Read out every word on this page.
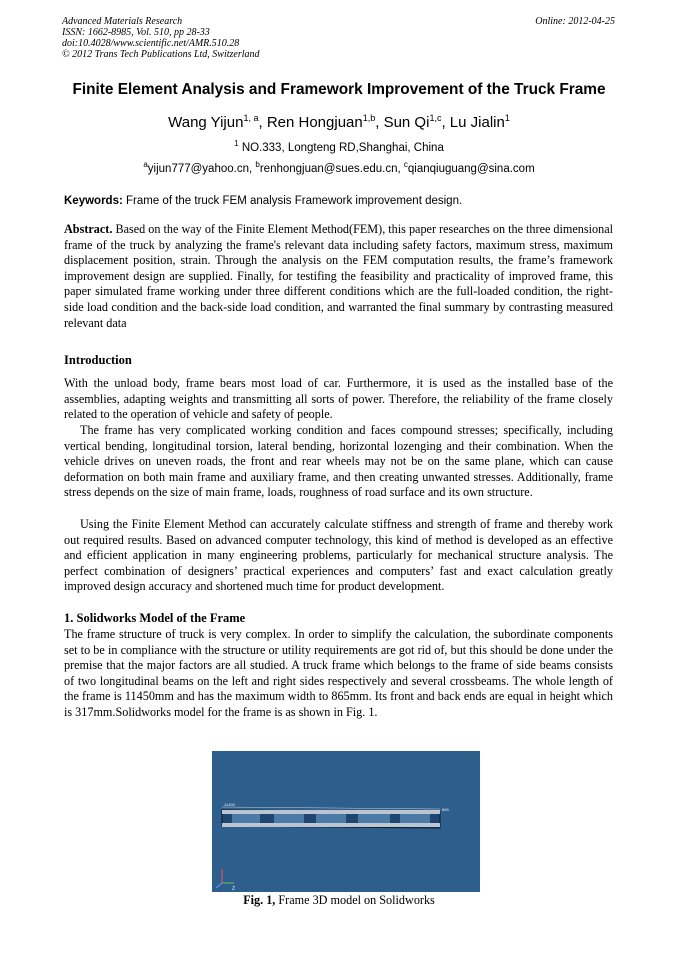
Advanced Materials Research
ISSN: 1662-8985, Vol. 510, pp 28-33
doi:10.4028/www.scientific.net/AMR.510.28
© 2012 Trans Tech Publications Ltd, Switzerland
Online: 2012-04-25
Finite Element Analysis and Framework Improvement of the Truck Frame
Wang Yijun$^{1, a}$, Ren Hongjuan$^{1,b}$, Sun Qi$^{1,c}$, Lu Jialin$^1$
$^1$ NO.333, Longteng RD,Shanghai, China
$^a$yijun777@yahoo.cn, $^b$renhongjuan@sues.edu.cn, $^c$qianqiuguang@sina.com
Keywords: Frame of the truck FEM analysis Framework improvement design.
Abstract. Based on the way of the Finite Element Method(FEM), this paper researches on the three dimensional frame of the truck by analyzing the frame's relevant data including safety factors, maximum stress, maximum displacement position, strain. Through the analysis on the FEM computation results, the frame’s framework improvement design are supplied. Finally, for testifing the feasibility and practicality of improved frame, this paper simulated frame working under three different conditions which are the full-loaded condition, the right-side load condition and the back-side load condition, and warranted the final summary by contrasting measured relevant data
Introduction
With the unload body, frame bears most load of car. Furthermore, it is used as the installed base of the assemblies, adapting weights and transmitting all sorts of power. Therefore, the reliability of the frame closely related to the operation of vehicle and safety of people.
The frame has very complicated working condition and faces compound stresses; specifically, including vertical bending, longitudinal torsion, lateral bending, horizontal lozenging and their combination. When the vehicle drives on uneven roads, the front and rear wheels may not be on the same plane, which can cause deformation on both main frame and auxiliary frame, and then creating unwanted stresses. Additionally, frame stress depends on the size of main frame, loads, roughness of road surface and its own structure.
Using the Finite Element Method can accurately calculate stiffness and strength of frame and thereby work out required results. Based on advanced computer technology, this kind of method is developed as an effective and efficient application in many engineering problems, particularly for mechanical structure analysis. The perfect combination of designers’ practical experiences and computers’ fast and exact calculation greatly improved design accuracy and shortened much time for product development.
1. Solidworks Model of the Frame
The frame structure of truck is very complex. In order to simplify the calculation, the subordinate components set to be in compliance with the structure or utility requirements are got rid of, but this should be done under the premise that the major factors are all studied. A truck frame which belongs to the frame of side beams consists of two longitudinal beams on the left and right sides respectively and several crossbeams. The whole length of the frame is 11450mm and has the maximum width to 865mm. Its front and back ends are equal in height which is 317mm.Solidworks model for the frame is as shown in Fig. 1.
11450
865
Z
Fig. 1, Frame 3D model on Solidworks
